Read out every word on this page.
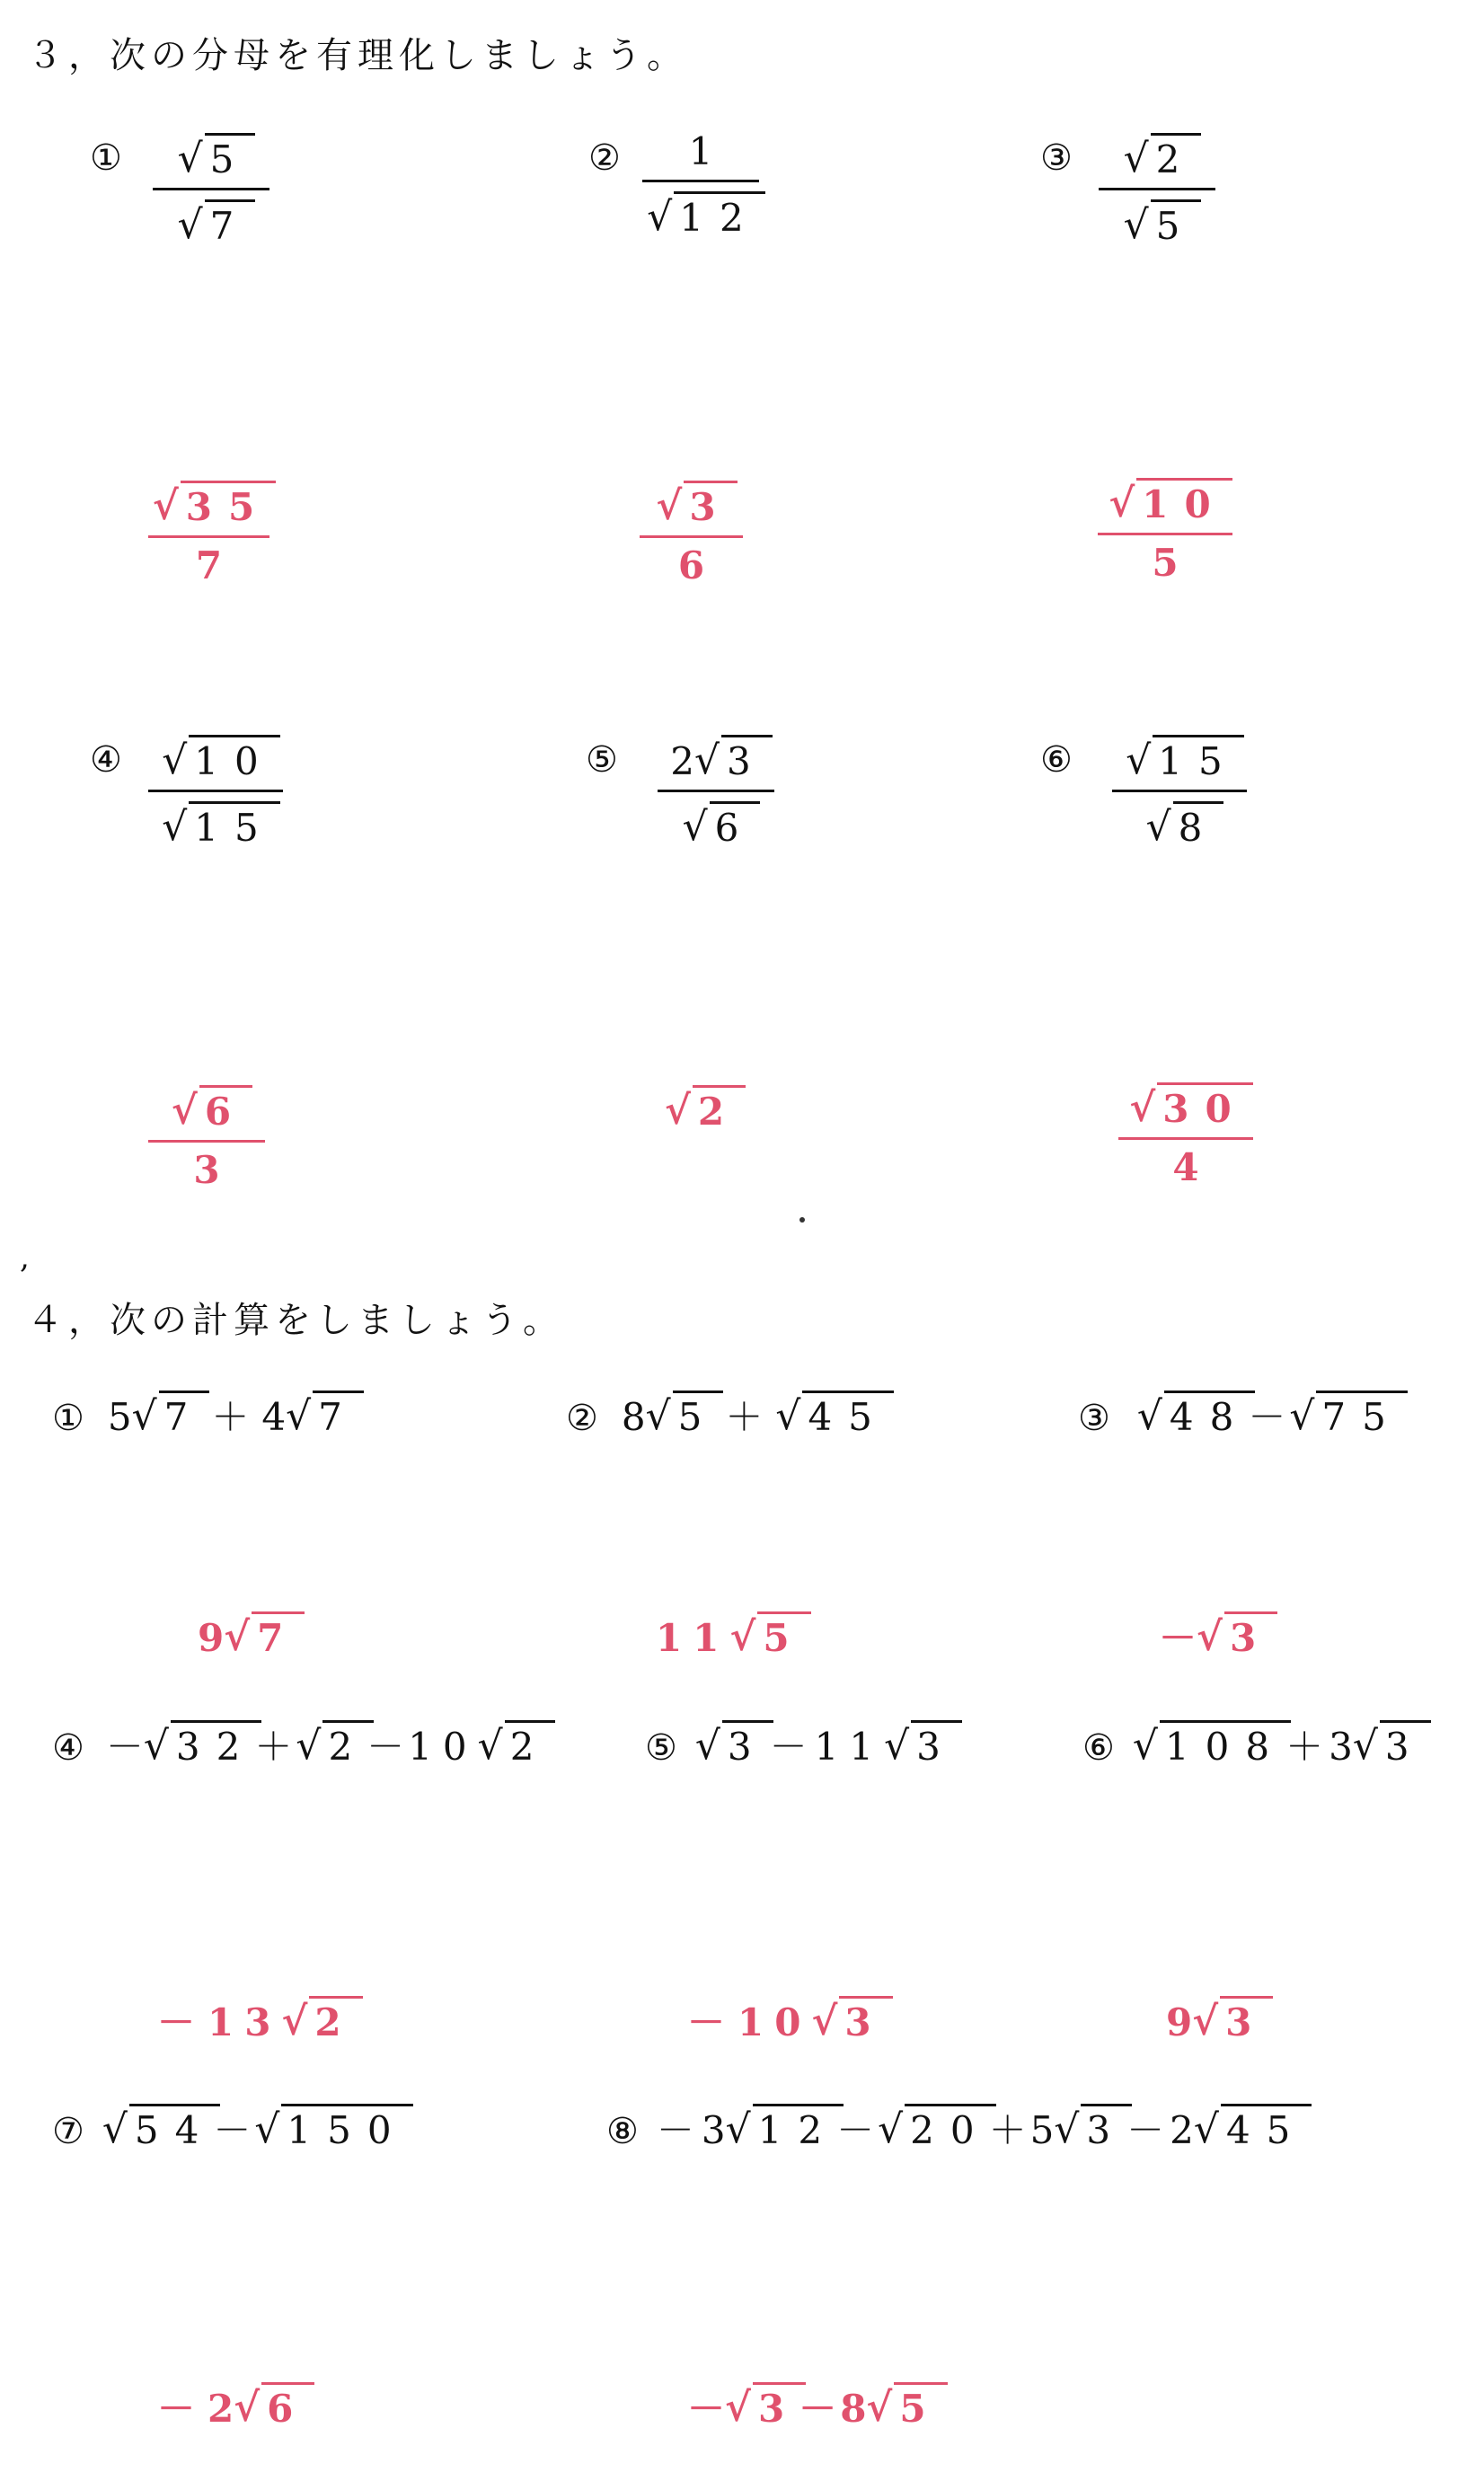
３，次の分母を有理化しましょう。
① √ 5
√ 7
② 1
√ 12
③ √ 2
√ 5
√ 35
7
√ 3
6
√ 10
5
④ √ 10
√ 15
⑤ 2 √ 3
√ 6
⑥ √ 15
√ 8
√ 6
3
√ 2	√ 30
4
,
４，次の計算をしましょう。
① 5 √ 7 ＋ 4 √ 7	② 8 √ 5 ＋ √ 45	③ √ 48
－ √ 75
9 √ 7	11 √ 5	－ √ 3
④ － √ 32
＋ √ 2
－ 10 √ 2	⑤ √ 3 － 11 √ 3	⑥ √ 108 ＋ 3 √ 3
－ 13 √ 2	－ 10 √ 3	9 √ 3
⑦ √ 54
－ √ 150	⑧ － 3 √ 12
－ √ 20
＋ 5 √ 3 － 2 √ 45
－ 2 √ 6	－ √ 3
－ 8 √ 5
